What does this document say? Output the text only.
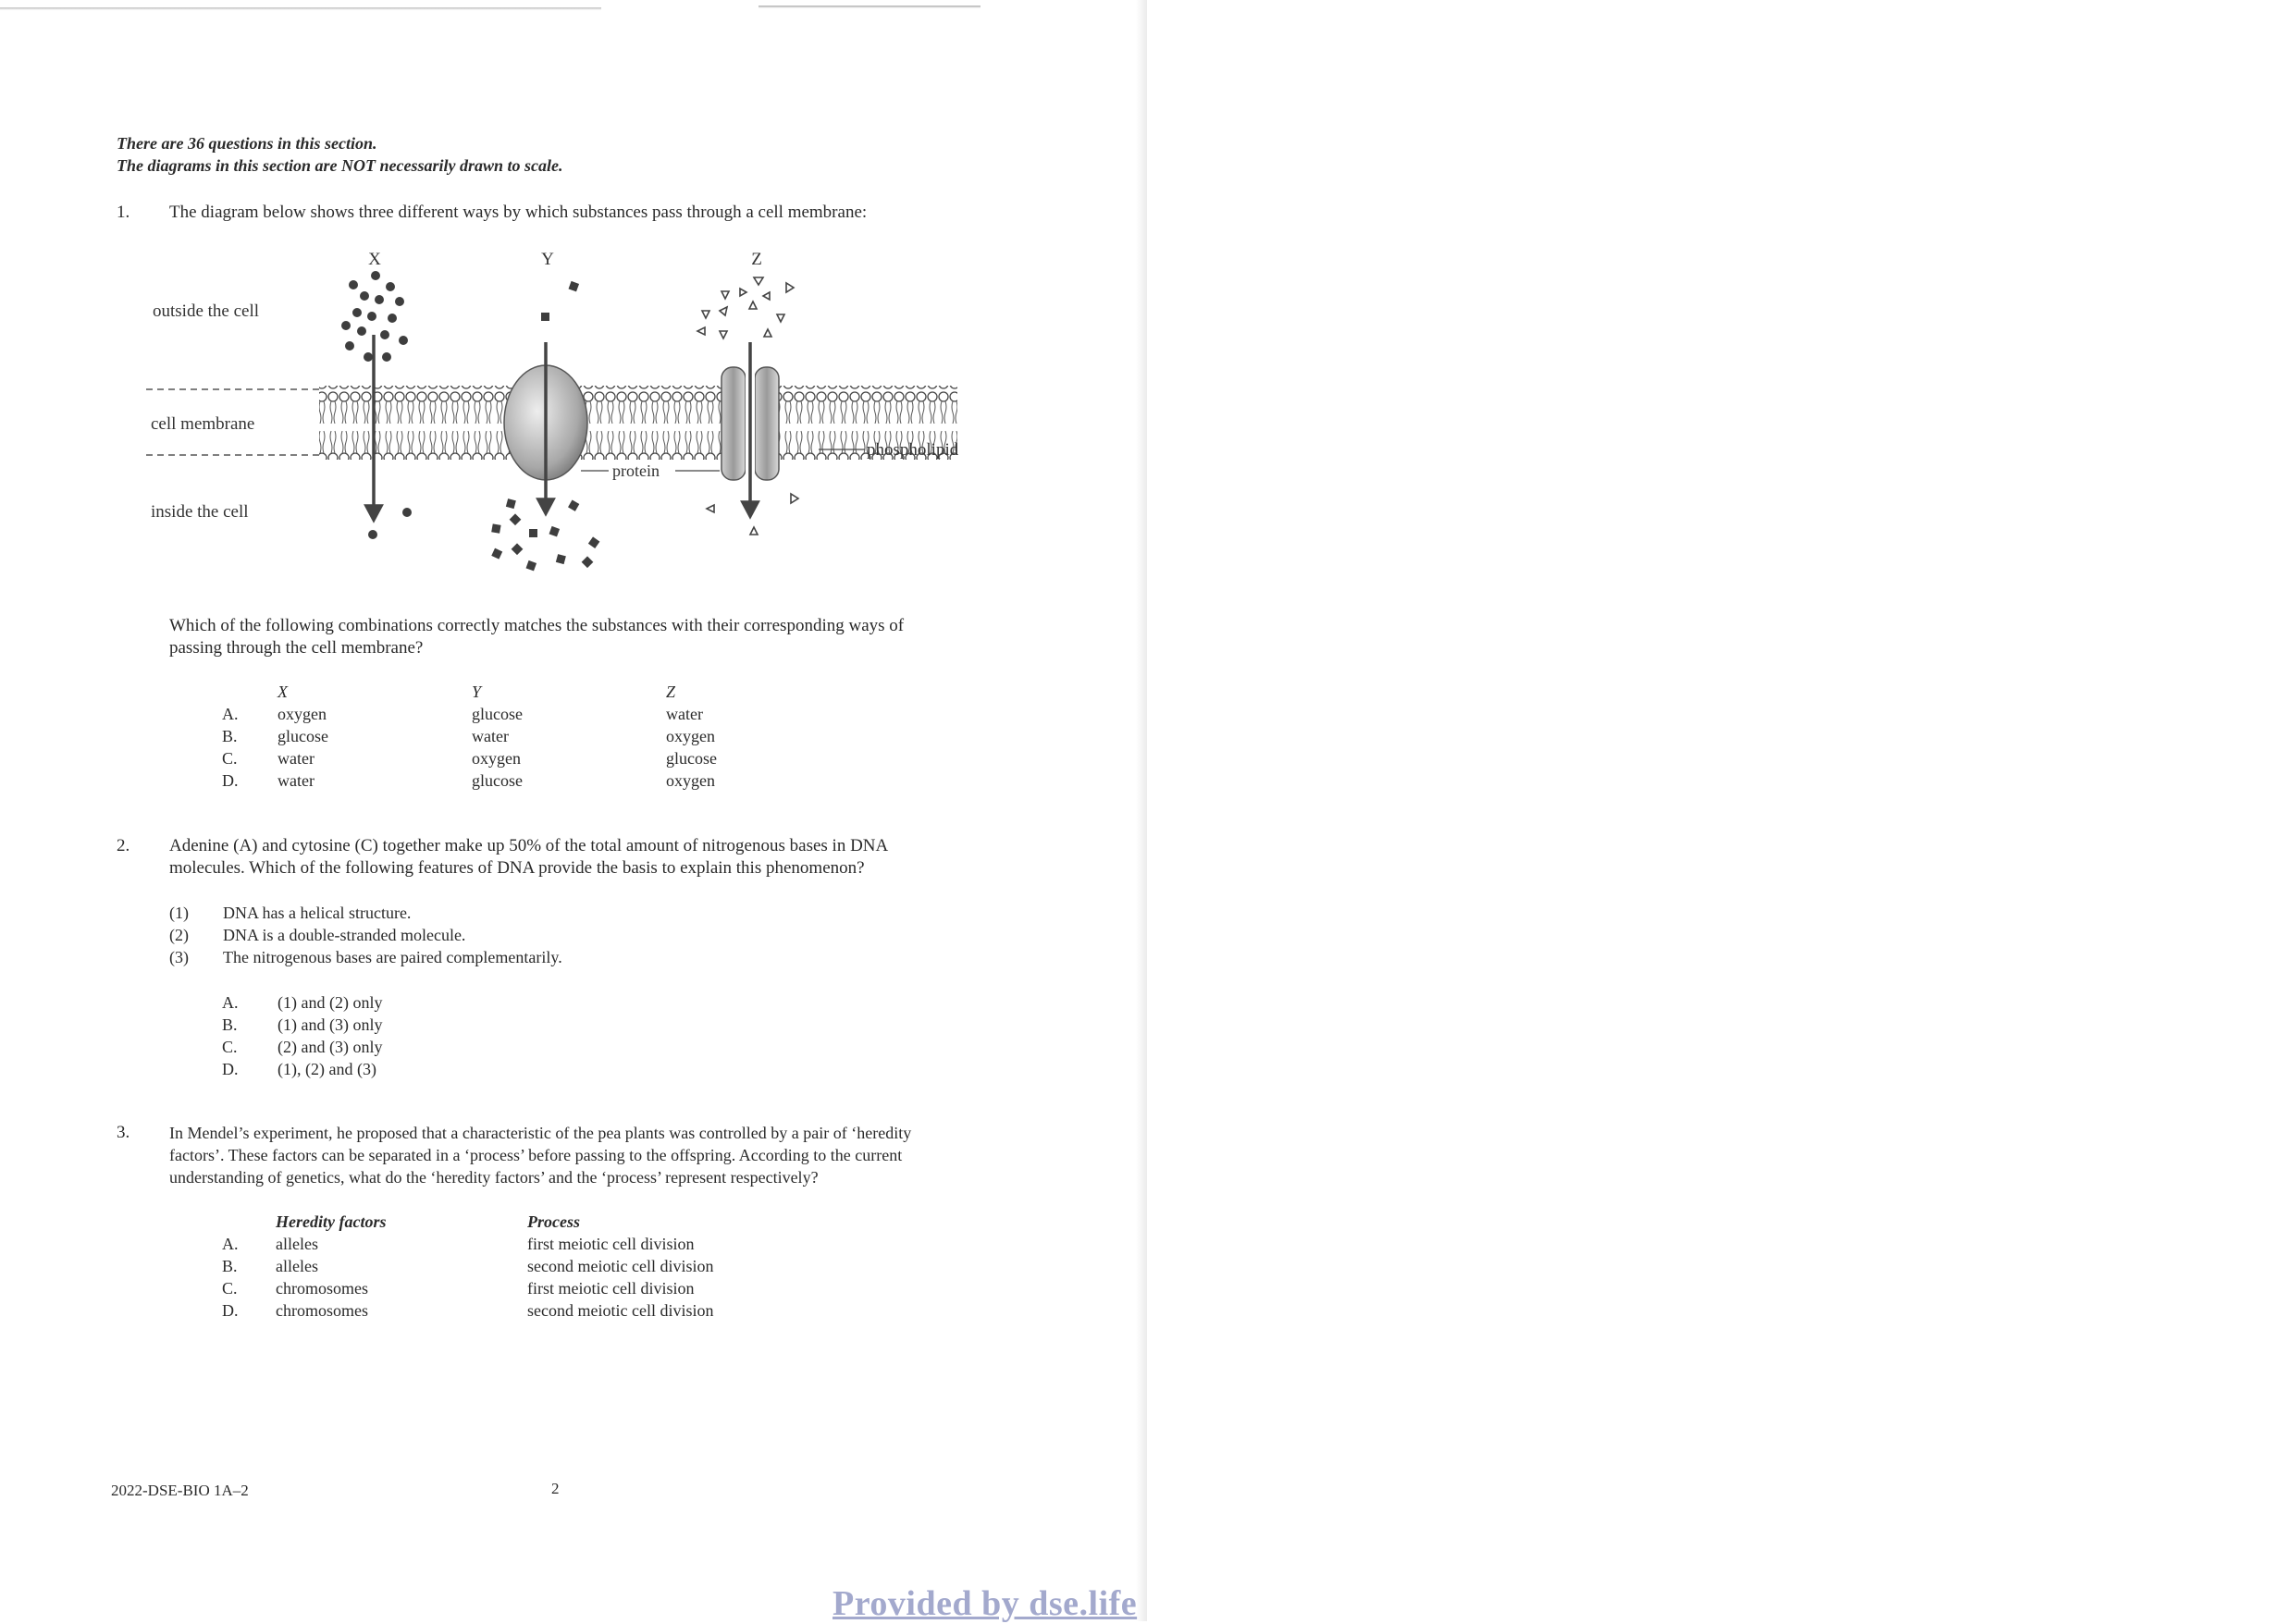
There are 36 questions in this section.
The diagrams in this section are NOT necessarily drawn to scale.
1. The diagram below shows three different ways by which substances pass through a cell membrane:
X	Y	Z
outside the cell
cell membrane
inside the cell
protein
phospholipid
Which of the following combinations correctly matches the substances with their corresponding ways of
passing through the cell membrane?
X	Y	Z
A. oxygen	glucose	water
B. glucose	water	oxygen
C. water	oxygen	glucose
D. water	glucose	oxygen
2. Adenine (A) and cytosine (C) together make up 50% of the total amount of nitrogenous bases in DNA
molecules. Which of the following features of DNA provide the basis to explain this phenomenon?
(1) DNA has a helical structure.
(2) DNA is a double-stranded molecule.
(3) The nitrogenous bases are paired complementarily.
A. (1) and (2) only
B. (1) and (3) only
C. (2) and (3) only
D. (1), (2) and (3)
3. In Mendel’s experiment, he proposed that a characteristic of the pea plants was controlled by a pair of ‘heredity
factors’. These factors can be separated in a ‘process’ before passing to the offspring. According to the current
understanding of genetics, what do the ‘heredity factors’ and the ‘process’ represent respectively?
Heredity factors	Process
A. alleles	first meiotic cell division
B. alleles	second meiotic cell division
C. chromosomes	first meiotic cell division
D. chromosomes	second meiotic cell division
2022-DSE-BIO 1A–2	2
Provided by dse.life
